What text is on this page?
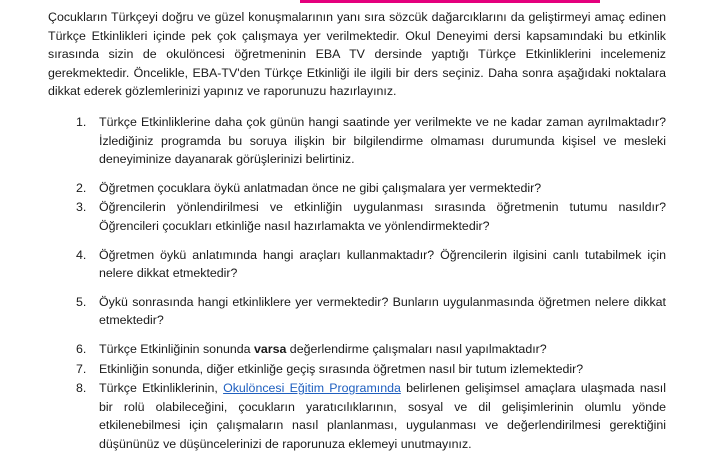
Çocukların Türkçeyi doğru ve güzel konuşmalarının yanı sıra sözcük dağarcıklarını da geliştirmeyi amaç edinen Türkçe Etkinlikleri içinde pek çok çalışmaya yer verilmektedir. Okul Deneyimi dersi kapsamındaki bu etkinlik sırasında sizin de okulöncesi öğretmeninin EBA TV dersinde yaptığı Türkçe Etkinliklerini incelemeniz gerekmektedir. Öncelikle, EBA-TV'den Türkçe Etkinliği ile ilgili bir ders seçiniz. Daha sonra aşağıdaki noktalara dikkat ederek gözlemlerinizi yapınız ve raporunuzu hazırlayınız.

1. Türkçe Etkinliklerine daha çok günün hangi saatinde yer verilmekte ve ne kadar zaman ayrılmaktadır? İzlediğiniz programda bu soruya ilişkin bir bilgilendirme olmaması durumunda kişisel ve mesleki deneyiminize dayanarak görüşlerinizi belirtiniz.
2. Öğretmen çocuklara öykü anlatmadan önce ne gibi çalışmalara yer vermektedir?
3. Öğrencilerin yönlendirilmesi ve etkinliğin uygulanması sırasında öğretmenin tutumu nasıldır? Öğrencileri çocukları etkinliğe nasıl hazırlamakta ve yönlendirmektedir?
4. Öğretmen öykü anlatımında hangi araçları kullanmaktadır? Öğrencilerin ilgisini canlı tutabilmek için nelere dikkat etmektedir?
5. Öykü sonrasında hangi etkinliklere yer vermektedir? Bunların uygulanmasında öğretmen nelere dikkat etmektedir?
6. Türkçe Etkinliğinin sonunda varsa değerlendirme çalışmaları nasıl yapılmaktadır?
7. Etkinliğin sonunda, diğer etkinliğe geçiş sırasında öğretmen nasıl bir tutum izlemektedir?
8. Türkçe Etkinliklerinin, Okulöncesi Eğitim Programında belirlenen gelişimsel amaçlara ulaşmada nasıl bir rolü olabileceğini, çocukların yaratıcılıklarının, sosyal ve dil gelişimlerinin olumlu yönde etkilenebilmesi için çalışmaların nasıl planlanması, uygulanması ve değerlendirilmesi gerektiğini düşününüz ve düşüncelerinizi de raporunuza eklemeyi unutmayınız.
